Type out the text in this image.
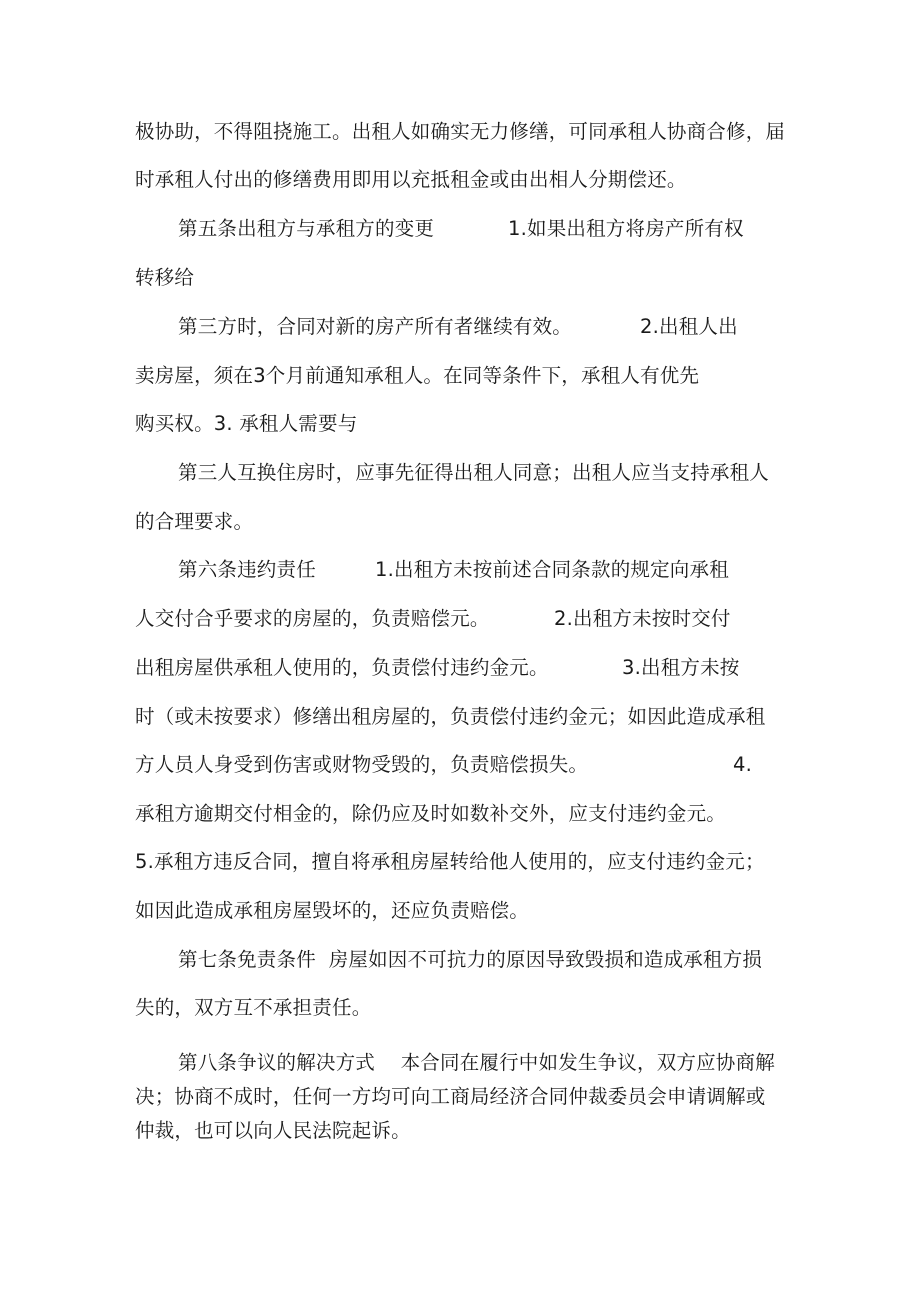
极协助，不得阻挠施工。出租人如确实无力修缮，可同承租人协商合修，届
时承租人付出的修缮费用即用以充抵租金或由出相人分期偿还。
第五条出租方与承租方的变更	1.如果出租方将房产所有权
转移给
第三方时，合同对新的房产所有者继续有效。	2.出租人出
卖房屋，须在3个月前通知承租人。在同等条件下，承租人有优先
购买权。3. 承租人需要与
第三人互换住房时，应事先征得出租人同意；出租人应当支持承租人
的合理要求。
第六条违约责任	1.出租方未按前述合同条款的规定向承租
人交付合乎要求的房屋的，负责赔偿元。	2.出租方未按时交付
出租房屋供承租人使用的，负责偿付违约金元。	3.出租方未按
时（或未按要求）修缮出租房屋的，负责偿付违约金元；如因此造成承租
方人员人身受到伤害或财物受毁的，负责赔偿损失。	4.
承租方逾期交付相金的，除仍应及时如数补交外，应支付违约金元。
5.承租方违反合同，擅自将承租房屋转给他人使用的，应支付违约金元；
如因此造成承租房屋毁坏的，还应负责赔偿。
第七条免责条件  房屋如因不可抗力的原因导致毁损和造成承租方损
失的，双方互不承担责任。
第八条争议的解决方式    本合同在履行中如发生争议，双方应协商解
决；协商不成时，任何一方均可向工商局经济合同仲裁委员会申请调解或
仲裁，也可以向人民法院起诉。
